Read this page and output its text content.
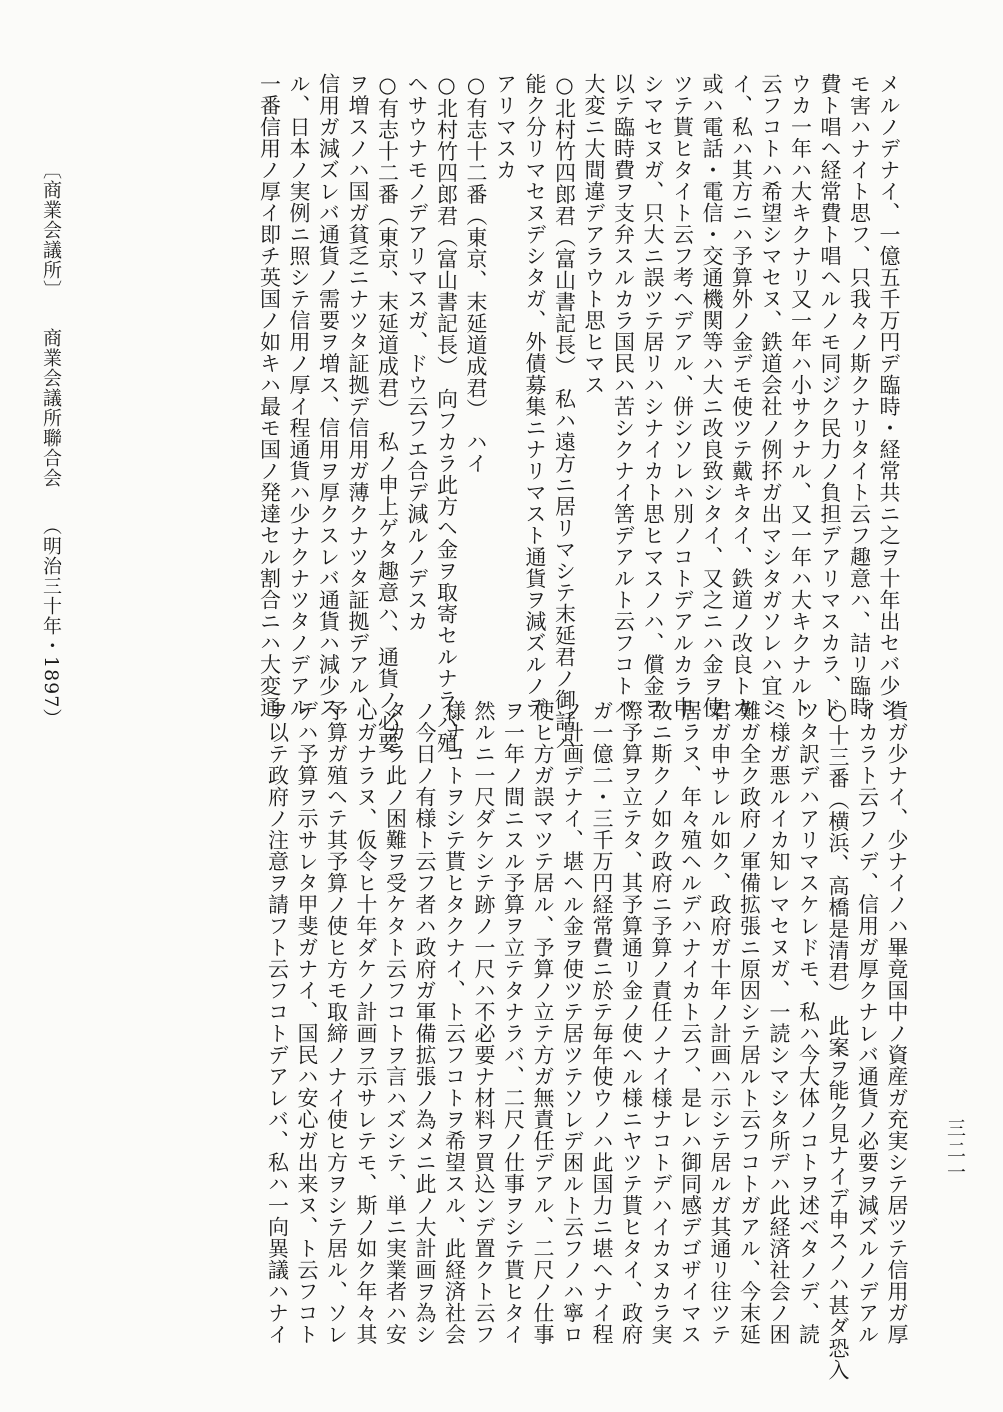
メルノデナイ、一億五千万円デ臨時・経常共ニ之ヲ十年出セバ少シ
モ害ハナイト思フ、只我々ノ斯クナリタイト云フ趣意ハ、詰リ臨時
費ト唱ヘ経常費ト唱ヘルノモ同ジク民力ノ負担デアリマスカラ、ド
ウカ一年ハ大キクナリ又一年ハ小サクナル、又一年ハ大キクナルト
云フコトハ希望シマセヌ、鉄道会社ノ例抔ガ出マシタガソレハ宜シ
イ、私ハ其方ニハ予算外ノ金デモ使ツテ戴キタイ、鉄道ノ改良トカ
或ハ電話・電信・交通機関等ハ大ニ改良致シタイ、又之ニハ金ヲ使
ツテ貰ヒタイト云フ考ヘデアル、併シソレハ別ノコトデアルカラ申
シマセヌガ、只大ニ誤ツテ居リハシナイカト思ヒマスノハ、償金ヲ
以テ臨時費ヲ支弁スルカラ国民ハ苦シクナイ筈デアルト云フコトハ
大変ニ大間違デアラウト思ヒマス
○北村竹四郎君（富山書記長）　私ハ遠方ニ居リマシテ末延君ノ御話ハ
能ク分リマセヌデシタガ、外債募集ニナリマスト通貨ヲ減ズルノデ
アリマスカ
○有志十二番（東京、末延道成君）　ハイ
○北村竹四郎君（富山書記長）　向フカラ此方ヘ金ヲ取寄セルナラバ殖
ヘサウナモノデアリマスガ、ドウ云フエ合デ減ルノデスカ
○有志十二番（東京、末延道成君）　私ノ申上ゲタ趣意ハ、通貨ノ必要
ヲ増スノハ国ガ貧乏ニナツタ証拠デ信用ガ薄クナツタ証拠デアル、
信用ガ減ズレバ通貨ノ需要ヲ増ス、信用ヲ厚クスレバ通貨ハ減少ス
ル、日本ノ実例ニ照シテ信用ノ厚イ程通貨ハ少ナクナツタノデアル
一番信用ノ厚イ即チ英国ノ如キハ最モ国ノ発達セル割合ニハ大変通
貨ガ少ナイ、少ナイノハ畢竟国中ノ資産ガ充実シテ居ツテ信用ガ厚
イカラト云フノデ、信用ガ厚クナレバ通貨ノ必要ヲ減ズルノデアル
○十三番（横浜、高橋是清君）　此案ヲ能ク見ナイデ申スノハ甚ダ恐入
ツタ訳デハアリマスケレドモ、私ハ今大体ノコトヲ述ベタノデ、読
ミ様ガ悪ルイカ知レマセヌガ、一読シマシタ所デハ此経済社会ノ困
難ガ全ク政府ノ軍備拡張ニ原因シテ居ルト云フコトガアル、今末延
君ガ申サレル如ク、政府ガ十年ノ計画ハ示シテ居ルガ其通リ往ツテ
居ラヌ、年々殖ヘルデハナイカト云フ、是レハ御同感デゴザイマス
故ニ斯クノ如ク政府ニ予算ノ責任ノナイ様ナコトデハイカヌカラ実
際予算ヲ立テタ、其予算通リ金ノ使ヘル様ニヤツテ貰ヒタイ、政府
ガ一億二・三千万円経常費ニ於テ毎年使ウノハ此国力ニ堪ヘナイ程
ノ計画デナイ、堪ヘル金ヲ使ツテ居ツテソレデ困ルト云フノハ寧ロ
使ヒ方ガ誤マツテ居ル、予算ノ立テ方ガ無責任デアル、二尺ノ仕事
ヲ一年ノ間ニスル予算ヲ立テタナラバ、二尺ノ仕事ヲシテ貰ヒタイ
然ルニ一尺ダケシテ跡ノ一尺ハ不必要ナ材料ヲ買込ンデ置クト云フ
様ナコトヲシテ貰ヒタクナイ、ト云フコトヲ希望スル、此経済社会
ノ今日ノ有様ト云フ者ハ政府ガ軍備拡張ノ為メニ此ノ大計画ヲ為シ
タカラ此ノ困難ヲ受ケタト云フコトヲ言ハズシテ、単ニ実業者ハ安
心ガナラヌ、仮令ヒ十年ダケノ計画ヲ示サレテモ、斯ノ如ク年々其
予算ガ殖ヘテ其予算ノ使ヒ方モ取締ノナイ使ヒ方ヲシテ居ル、ソレ
デハ予算ヲ示サレタ甲斐ガナイ、国民ハ安心ガ出来ヌ、ト云フコト
ヲ以テ政府ノ注意ヲ請フト云フコトデアレバ、私ハ一向異議ハナイ
〔商業会議所〕商業会議所聯合会（明治三十年・1897）
三二一
